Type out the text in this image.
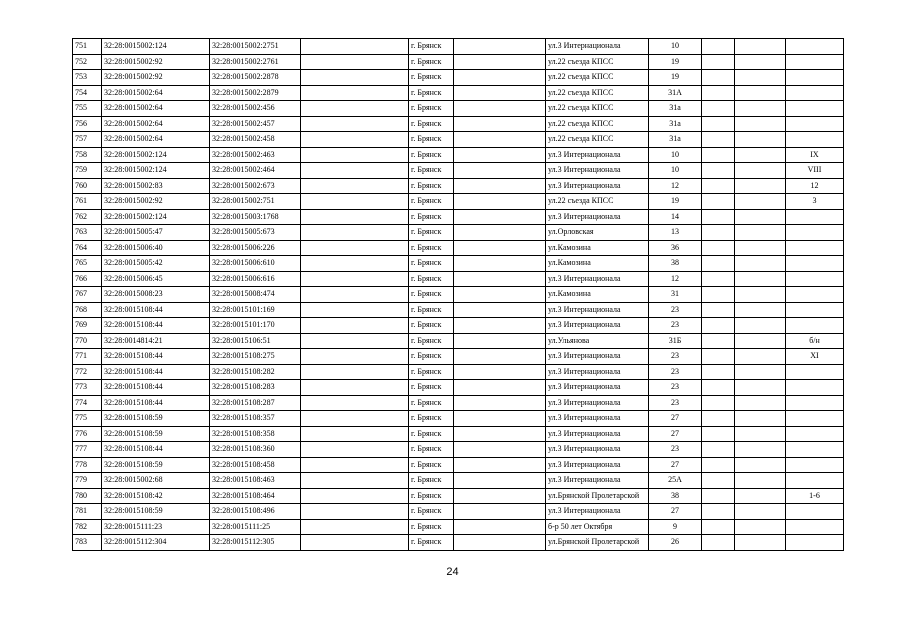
751	32:28:0015002:124	32:28:0015002:2751		г. Брянск		ул.3 Интернационала	10			
752	32:28:0015002:92	32:28:0015002:2761		г. Брянск		ул.22 съезда КПСС	19			
753	32:28:0015002:92	32:28:0015002:2878		г. Брянск		ул.22 съезда КПСС	19			
754	32:28:0015002:64	32:28:0015002:2879		г. Брянск		ул.22 съезда КПСС	31А			
755	32:28:0015002:64	32:28:0015002:456		г. Брянск		ул.22 съезда КПСС	31а			
756	32:28:0015002:64	32:28:0015002:457		г. Брянск		ул.22 съезда КПСС	31а			
757	32:28:0015002:64	32:28:0015002:458		г. Брянск		ул.22 съезда КПСС	31а			
758	32:28:0015002:124	32:28:0015002:463		г. Брянск		ул.3 Интернационала	10			IX
759	32:28:0015002:124	32:28:0015002:464		г. Брянск		ул.3 Интернационала	10			VIII
760	32:28:0015002:83	32:28:0015002:673		г. Брянск		ул.3 Интернационала	12			12
761	32:28:0015002:92	32:28:0015002:751		г. Брянск		ул.22 съезда КПСС	19			3
762	32:28:0015002:124	32:28:0015003:1768		г. Брянск		ул.3 Интернационала	14			
763	32:28:0015005:47	32:28:0015005:673		г. Брянск		ул.Орловская	13			
764	32:28:0015006:40	32:28:0015006:226		г. Брянск		ул.Камозина	36			
765	32:28:0015005:42	32:28:0015006:610		г. Брянск		ул.Камозина	38			
766	32:28:0015006:45	32:28:0015006:616		г. Брянск		ул.3 Интернационала	12			
767	32:28:0015008:23	32:28:0015008:474		г. Брянск		ул.Камозина	31			
768	32:28:0015108:44	32:28:0015101:169		г. Брянск		ул.3 Интернационала	23			
769	32:28:0015108:44	32:28:0015101:170		г. Брянск		ул.3 Интернационала	23			
770	32:28:0014814:21	32:28:0015106:51		г. Брянск		ул.Ульянова	31Б			б/н
771	32:28:0015108:44	32:28:0015108:275		г. Брянск		ул.3 Интернационала	23			XI
772	32:28:0015108:44	32:28:0015108:282		г. Брянск		ул.3 Интернационала	23			
773	32:28:0015108:44	32:28:0015108:283		г. Брянск		ул.3 Интернационала	23			
774	32:28:0015108:44	32:28:0015108:287		г. Брянск		ул.3 Интернационала	23			
775	32:28:0015108:59	32:28:0015108:357		г. Брянск		ул.3 Интернационала	27			
776	32:28:0015108:59	32:28:0015108:358		г. Брянск		ул.3 Интернационала	27			
777	32:28:0015108:44	32:28:0015108:360		г. Брянск		ул.3 Интернационала	23			
778	32:28:0015108:59	32:28:0015108:458		г. Брянск		ул.3 Интернационала	27			
779	32:28:0015002:68	32:28:0015108:463		г. Брянск		ул.3 Интернационала	25А			
780	32:28:0015108:42	32:28:0015108:464		г. Брянск		ул.Брянской Пролетарской	38			1-6
781	32:28:0015108:59	32:28:0015108:496		г. Брянск		ул.3 Интернационала	27			
782	32:28:0015111:23	32:28:0015111:25		г. Брянск		б-р 50 лет Октября	9			
783	32:28:0015112:304	32:28:0015112:305		г. Брянск		ул.Брянской Пролетарской	26			
24
